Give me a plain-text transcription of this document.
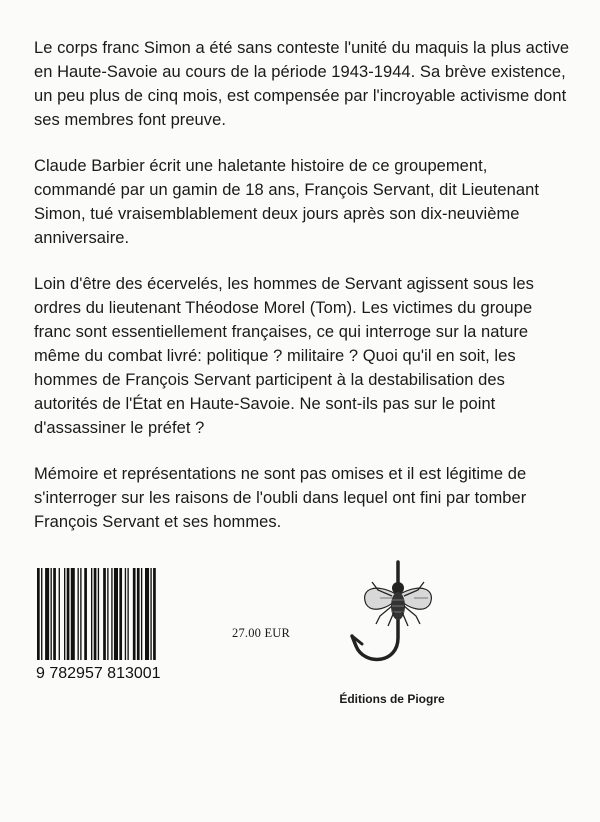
Le corps franc Simon a été sans conteste l'unité du maquis la plus active en Haute-Savoie au cours de la période 1943-1944. Sa brève existence, un peu plus de cinq mois, est compensée par l'incroyable activisme dont ses membres font preuve.

Claude Barbier écrit une haletante histoire de ce groupement, commandé par un gamin de 18 ans, François Servant, dit Lieutenant Simon, tué vraisemblablement deux jours après son dix-neuvième anniversaire.

Loin d'être des écervelés, les hommes de Servant agissent sous les ordres du lieutenant Théodose Morel (Tom). Les victimes du groupe franc sont essentiellement françaises, ce qui interroge sur la nature même du combat livré: politique ? militaire ? Quoi qu'il en soit, les hommes de François Servant participent à la destabilisation des autorités de l'État en Haute-Savoie. Ne sont-ils pas sur le point d'assassiner le préfet ?

Mémoire et représentations ne sont pas omises et il est légitime de s'interroger sur les raisons de l'oubli dans lequel ont fini par tomber François Servant et ses hommes.

9 782957 813001
27.00 EUR
Éditions de Piogre
